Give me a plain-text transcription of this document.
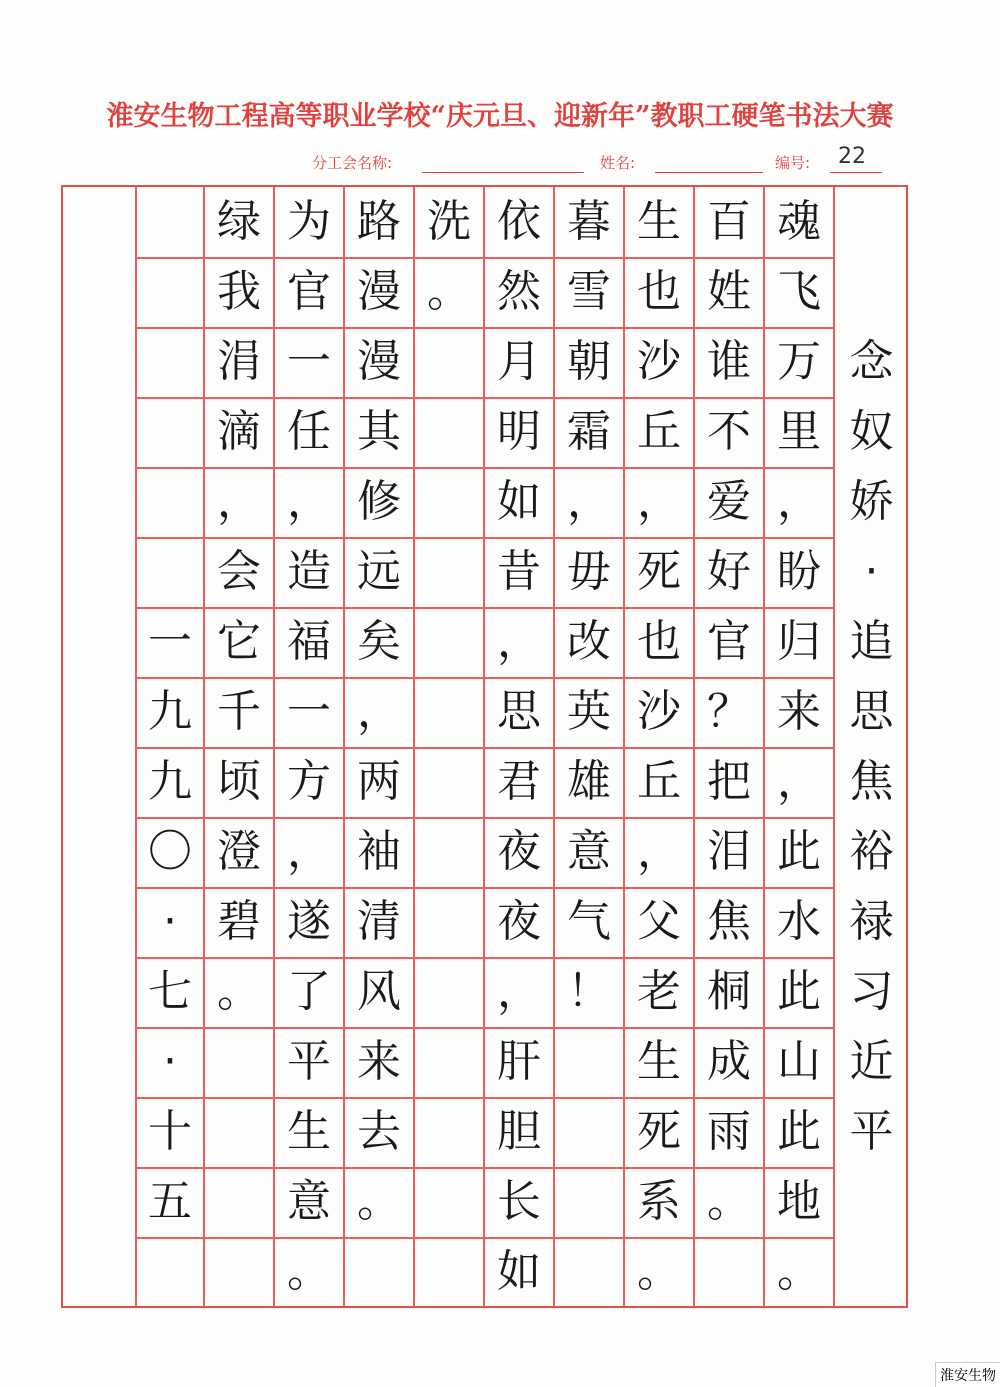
淮安生物工程高等职业学校“庆元旦、迎新年”教职工硬笔书法大赛
分工会名称:	姓名:	编号: 22
念
奴
娇
·
追
思
焦
裕
禄
习
近
平
魂
飞
万
里
，
盼
归
来
，
此
水
此
山
此
地
。
百
姓
谁
不
爱
好
官
？
把
泪
焦
桐
成
雨
。
生
也
沙
丘
，
死
也
沙
丘
，
父
老
生
死
系
。
暮
雪
朝
霜
，
毋
改
英
雄
意
气
！
依
然
月
明
如
昔
，
思
君
夜
夜
，
肝
胆
长
如
洗
。
路
漫
漫
其
修
远
矣
，
两
袖
清
风
来
去
。
为
官
一
任
，
造
福
一
方
，
遂
了
平
生
意
。
绿
我
涓
滴
，
会
它
千
顷
澄
碧
。
一
九
九
〇
·
七
·
十
五
淮安生物
